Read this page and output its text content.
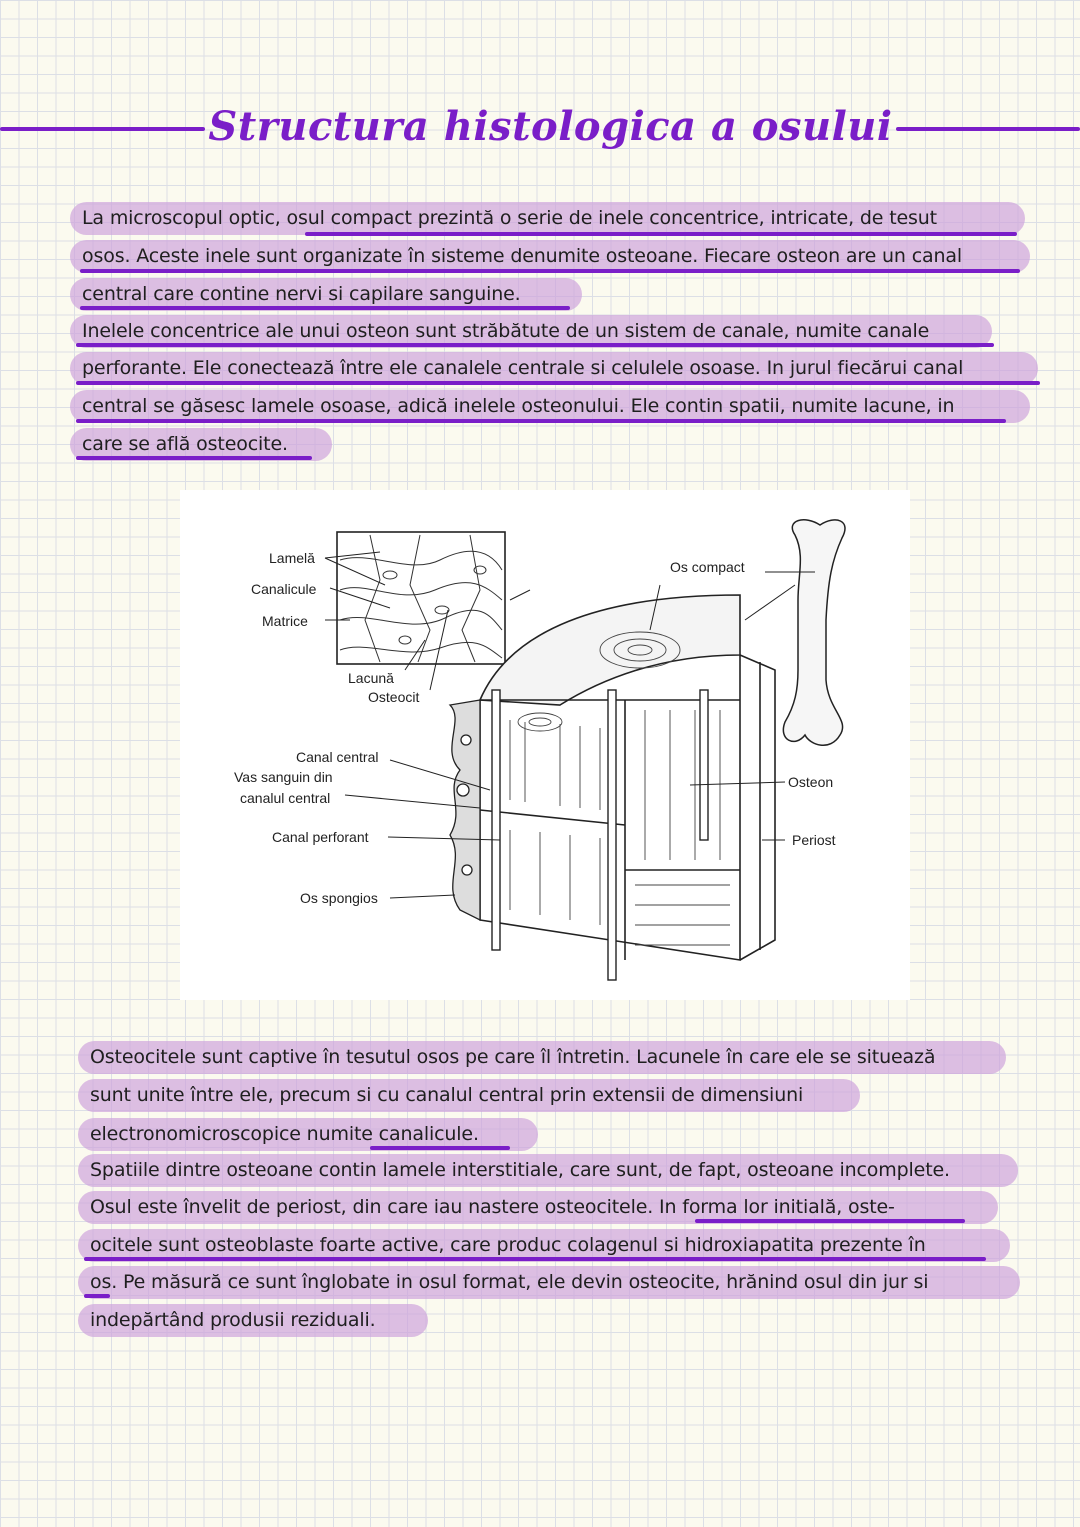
Structura histologica a osului
La microscopul optic, osul compact prezintă o serie de inele concentrice, intricate, de tesut
osos. Aceste inele sunt organizate în sisteme denumite osteoane. Fiecare osteon are un canal
central care contine nervi si capilare sanguine.
Inelele concentrice ale unui osteon sunt străbătute de un sistem de canale, numite canale
perforante. Ele conectează între ele canalele centrale si celulele osoase. In jurul fiecărui canal
central se găsesc lamele osoase, adică inelele osteonului. Ele contin spatii, numite lacune, in
care se află osteocite.
Lamelă
Canalicule
Matrice
Lacună
Osteocit
Os compact
Canal central
Vas sanguin din
canalul central
Canal perforant
Os spongios
Osteon
Periost
Osteocitele sunt captive în tesutul osos pe care îl întretin. Lacunele în care ele se situează
sunt unite între ele, precum si cu canalul central prin extensii de dimensiuni
electronomicroscopice numite canalicule.
Spatiile dintre osteoane contin lamele interstitiale, care sunt, de fapt, osteoane incomplete.
Osul este învelit de periost, din care iau nastere osteocitele. In forma lor initială, oste-
ocitele sunt osteoblaste foarte active, care produc colagenul si hidroxiapatita prezente în
os. Pe măsură ce sunt înglobate in osul format, ele devin osteocite, hrănind osul din jur si
indepărtând produsii reziduali.
